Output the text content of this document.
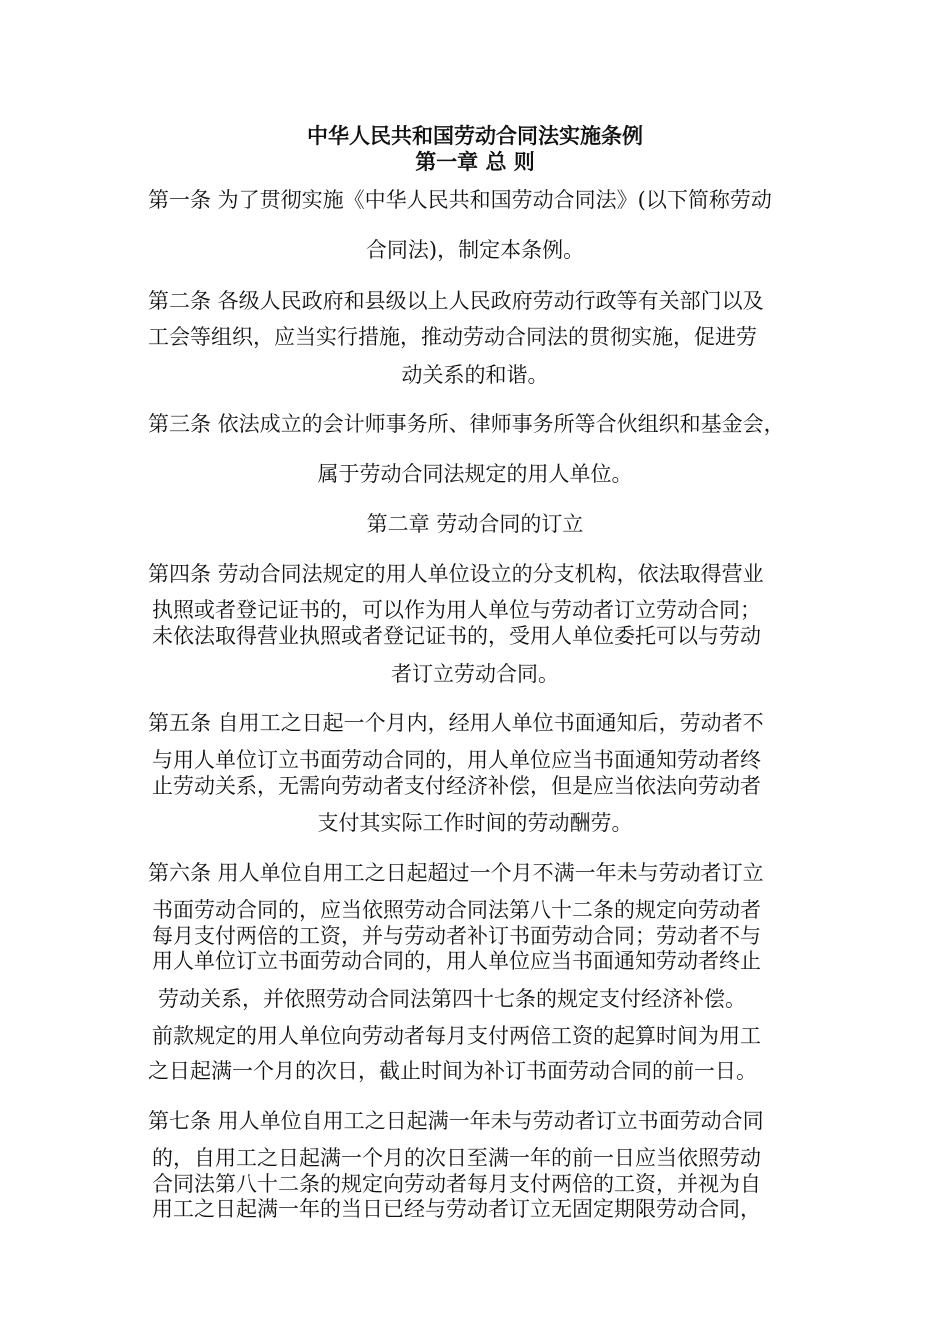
中华人民共和国劳动合同法实施条例
第一章 总 则
第一条 为了贯彻实施《中华人民共和国劳动合同法》(以下简称劳动
合同法)，制定本条例。
第二条 各级人民政府和县级以上人民政府劳动行政等有关部门以及
工会等组织，应当实行措施，推动劳动合同法的贯彻实施，促进劳
动关系的和谐。
第三条 依法成立的会计师事务所、律师事务所等合伙组织和基金会，
属于劳动合同法规定的用人单位。
第二章 劳动合同的订立
第四条 劳动合同法规定的用人单位设立的分支机构，依法取得营业
执照或者登记证书的，可以作为用人单位与劳动者订立劳动合同；
未依法取得营业执照或者登记证书的，受用人单位委托可以与劳动
者订立劳动合同。
第五条 自用工之日起一个月内，经用人单位书面通知后，劳动者不
与用人单位订立书面劳动合同的，用人单位应当书面通知劳动者终
止劳动关系，无需向劳动者支付经济补偿，但是应当依法向劳动者
支付其实际工作时间的劳动酬劳。
第六条 用人单位自用工之日起超过一个月不满一年未与劳动者订立
书面劳动合同的，应当依照劳动合同法第八十二条的规定向劳动者
每月支付两倍的工资，并与劳动者补订书面劳动合同；劳动者不与
用人单位订立书面劳动合同的，用人单位应当书面通知劳动者终止
劳动关系，并依照劳动合同法第四十七条的规定支付经济补偿。
前款规定的用人单位向劳动者每月支付两倍工资的起算时间为用工
之日起满一个月的次日，截止时间为补订书面劳动合同的前一日。
第七条 用人单位自用工之日起满一年未与劳动者订立书面劳动合同
的，自用工之日起满一个月的次日至满一年的前一日应当依照劳动
合同法第八十二条的规定向劳动者每月支付两倍的工资，并视为自
用工之日起满一年的当日已经与劳动者订立无固定期限劳动合同，
